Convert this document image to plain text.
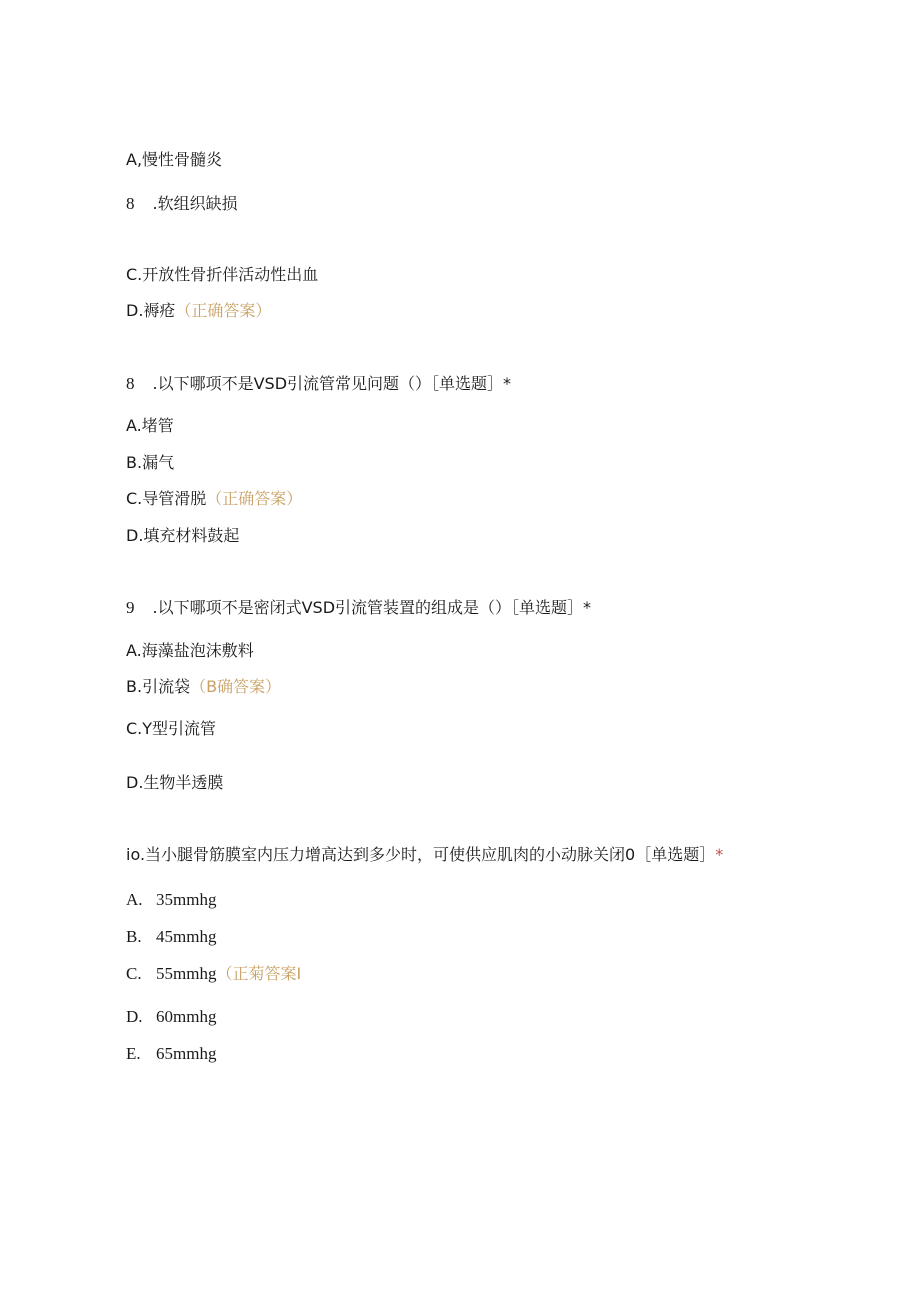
A,慢性骨髓炎
8 .软组织缺损
C.开放性骨折伴活动性出血
D.褥疮（正确答案）
8 .以下哪项不是VSD引流管常见问题（）［单选题］*
A.堵管
B.漏气
C.导管滑脱（正确答案）
D.填充材料鼓起
9 .以下哪项不是密闭式VSD引流管装置的组成是（）［单选题］*
A.海藻盐泡沫敷料
B.引流袋（B确答案）
C.Y型引流管
D.生物半透膜
io.当小腿骨筋膜室内压力增高达到多少时，可使供应肌肉的小动脉关闭0［单选题］*
A. 35mmhg
B. 45mmhg
C. 55mmhg（正菊答案I
D. 60mmhg
E. 65mmhg
